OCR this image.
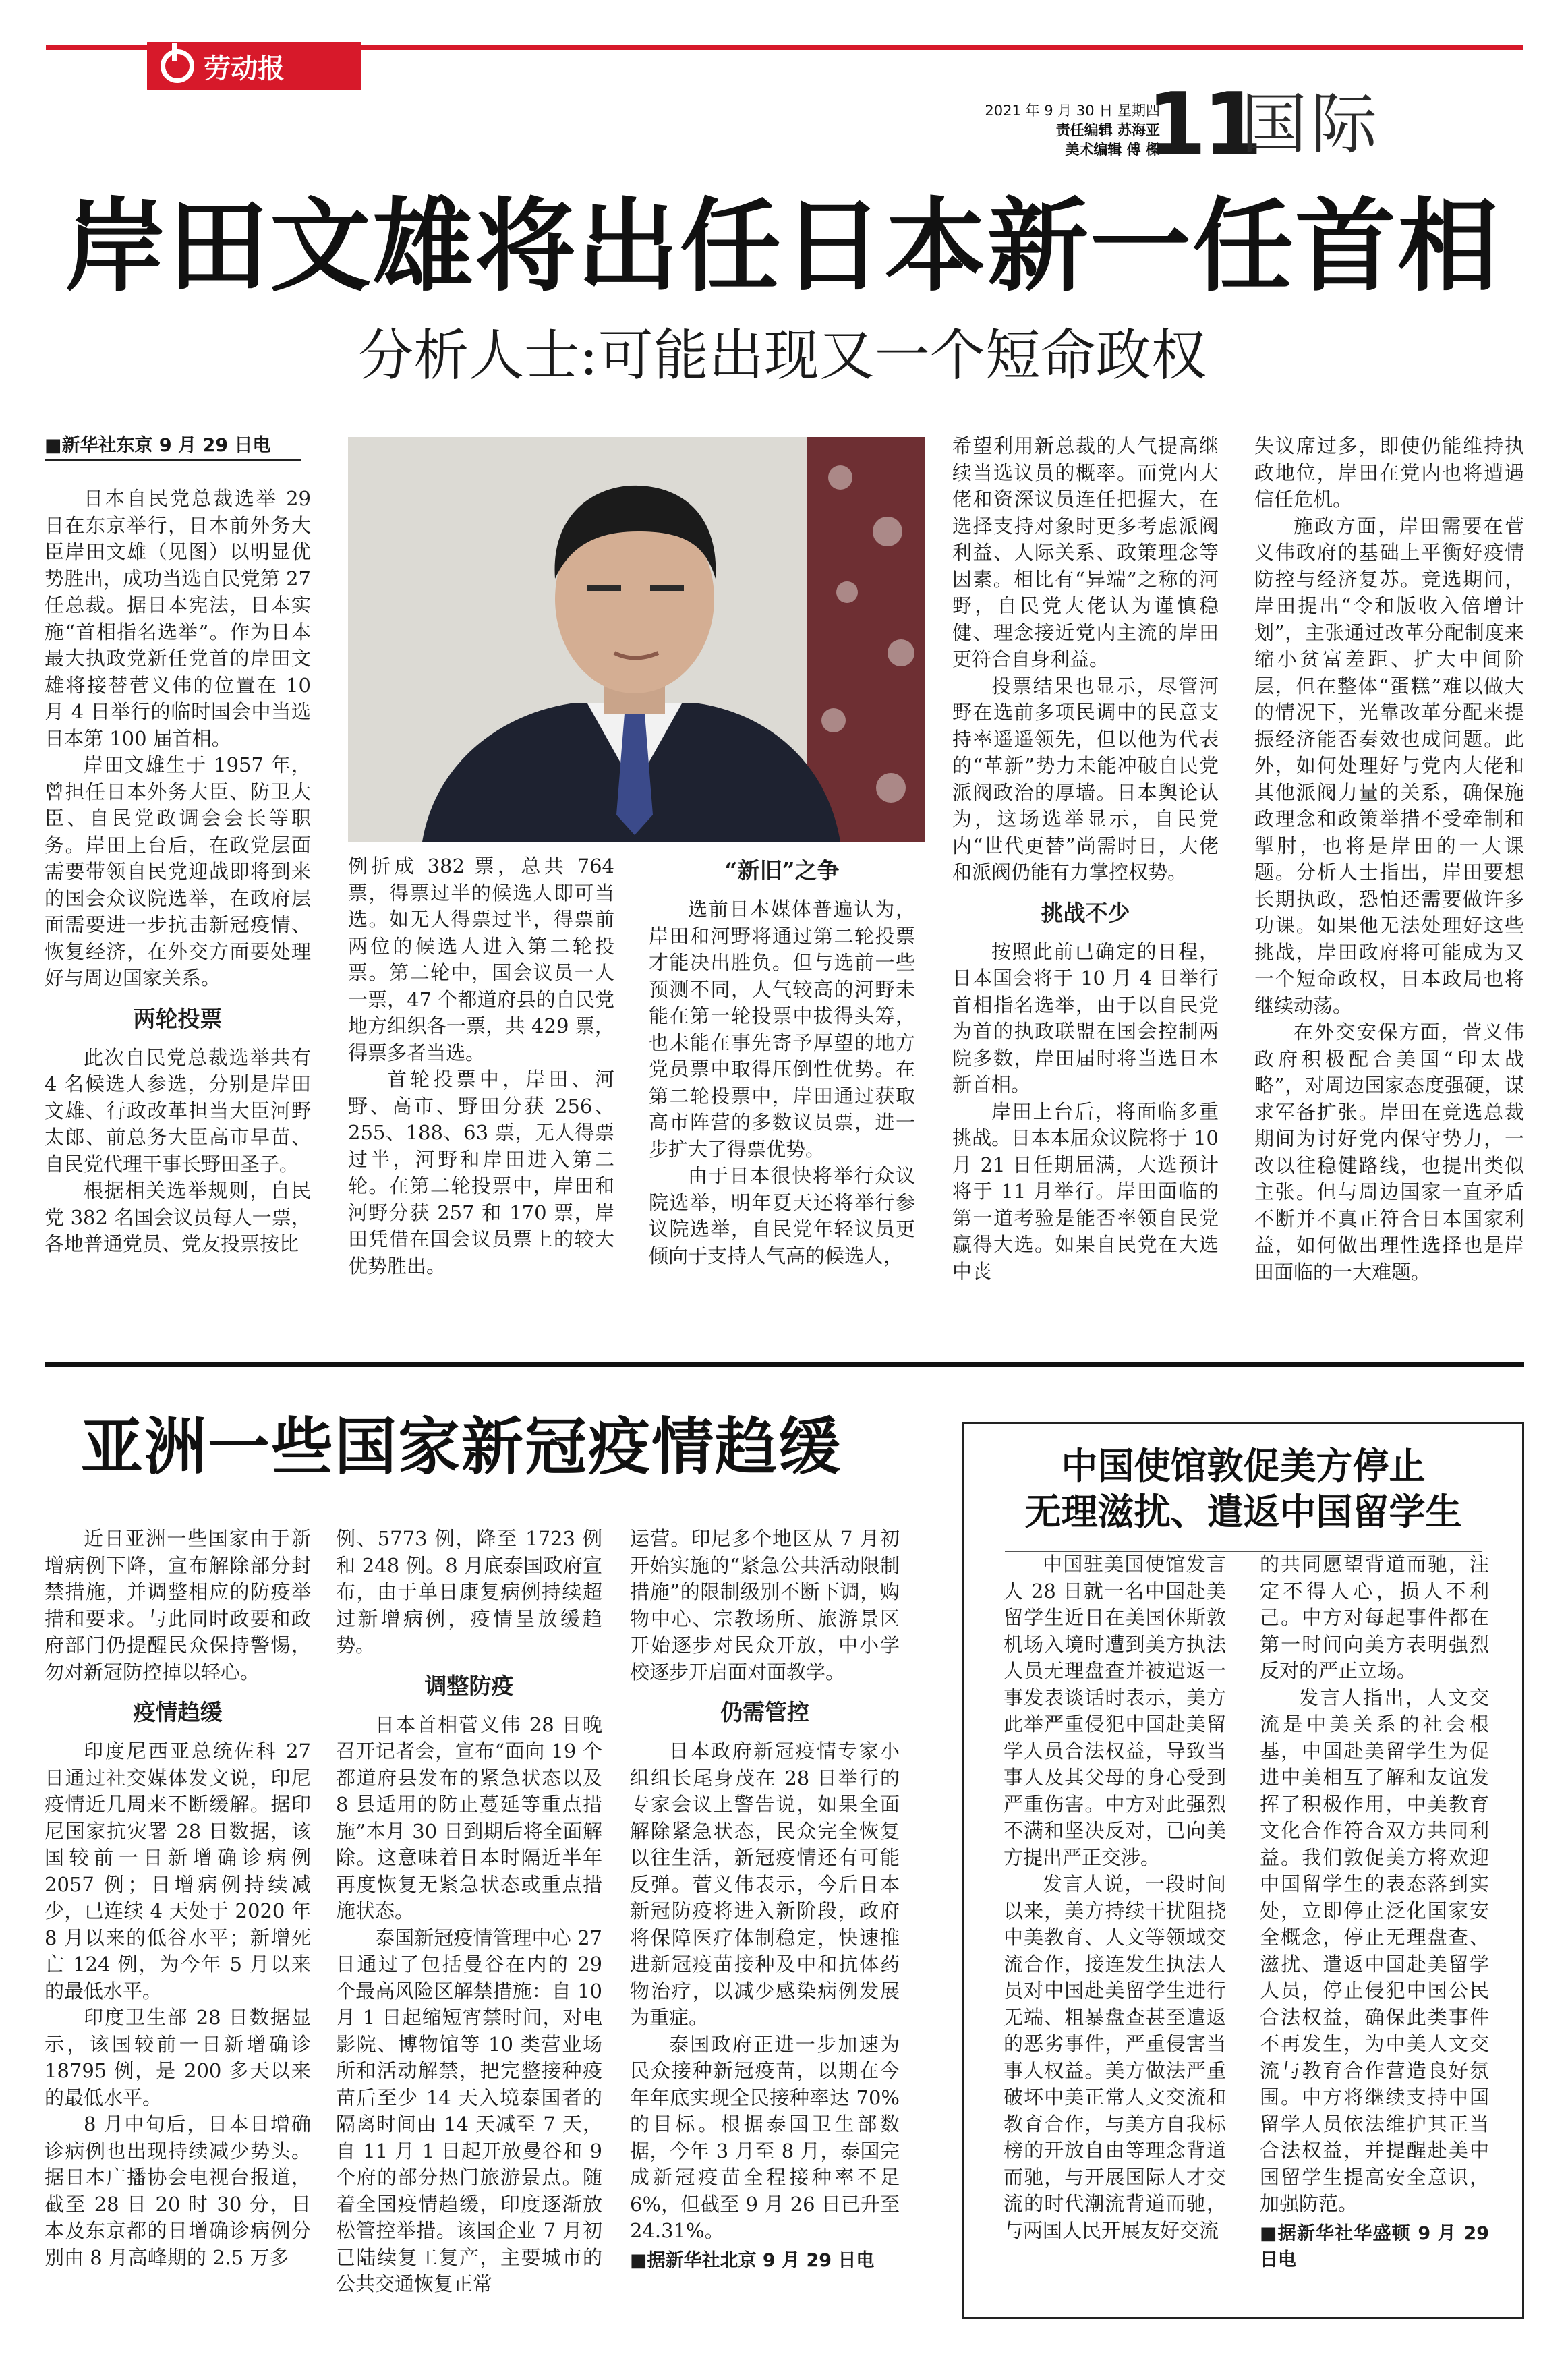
劳动报
2021 年 9 月 30 日 星期四
责任编辑 苏海亚
美术编辑 傅 樑
11
国际
岸田文雄将出任日本新一任首相
分析人士:可能出现又一个短命政权
■新华社东京 9 月 29 日电

日本自民党总裁选举 29 日在东京举行，日本前外务大臣岸田文雄（见图）以明显优势胜出，成功当选自民党第 27 任总裁。据日本宪法，日本实施“首相指名选举”。作为日本最大执政党新任党首的岸田文雄将接替菅义伟的位置在 10 月 4 日举行的临时国会中当选日本第 100 届首相。

岸田文雄生于 1957 年，曾担任日本外务大臣、防卫大臣、自民党政调会会长等职务。岸田上台后，在政党层面需要带领自民党迎战即将到来的国会众议院选举，在政府层面需要进一步抗击新冠疫情、恢复经济，在外交方面要处理好与周边国家关系。

两轮投票

此次自民党总裁选举共有 4 名候选人参选，分别是岸田文雄、行政改革担当大臣河野太郎、前总务大臣高市早苗、自民党代理干事长野田圣子。

根据相关选举规则，自民党 382 名国会议员每人一票，各地普通党员、党友投票按比

例折成 382 票，总共 764 票，得票过半的候选人即可当选。如无人得票过半，得票前两位的候选人进入第二轮投票。第二轮中，国会议员一人一票，47 个都道府县的自民党地方组织各一票，共 429 票，得票多者当选。

首轮投票中，岸田、河野、高市、野田分获 256、255、188、63 票，无人得票过半，河野和岸田进入第二轮。在第二轮投票中，岸田和河野分获 257 和 170 票，岸田凭借在国会议员票上的较大优势胜出。

“新旧”之争

选前日本媒体普遍认为，岸田和河野将通过第二轮投票才能决出胜负。但与选前一些预测不同，人气较高的河野未能在第一轮投票中拔得头筹，也未能在事先寄予厚望的地方党员票中取得压倒性优势。在第二轮投票中，岸田通过获取高市阵营的多数议员票，进一步扩大了得票优势。

由于日本很快将举行众议院选举，明年夏天还将举行参议院选举，自民党年轻议员更倾向于支持人气高的候选人，

希望利用新总裁的人气提高继续当选议员的概率。而党内大佬和资深议员连任把握大，在选择支持对象时更多考虑派阀利益、人际关系、政策理念等因素。相比有“异端”之称的河野，自民党大佬认为谨慎稳健、理念接近党内主流的岸田更符合自身利益。

投票结果也显示，尽管河野在选前多项民调中的民意支持率遥遥领先，但以他为代表的“革新”势力未能冲破自民党派阀政治的厚墙。日本舆论认为，这场选举显示，自民党内“世代更替”尚需时日，大佬和派阀仍能有力掌控权势。

挑战不少

按照此前已确定的日程，日本国会将于 10 月 4 日举行首相指名选举，由于以自民党为首的执政联盟在国会控制两院多数，岸田届时将当选日本新首相。

岸田上台后，将面临多重挑战。日本本届众议院将于 10 月 21 日任期届满，大选预计将于 11 月举行。岸田面临的第一道考验是能否率领自民党赢得大选。如果自民党在大选中丧

失议席过多，即使仍能维持执政地位，岸田在党内也将遭遇信任危机。

施政方面，岸田需要在菅义伟政府的基础上平衡好疫情防控与经济复苏。竞选期间，岸田提出“令和版收入倍增计划”，主张通过改革分配制度来缩小贫富差距、扩大中间阶层，但在整体“蛋糕”难以做大的情况下，光靠改革分配来提振经济能否奏效也成问题。此外，如何处理好与党内大佬和其他派阀力量的关系，确保施政理念和政策举措不受牵制和掣肘，也将是岸田的一大课题。分析人士指出，岸田要想长期执政，恐怕还需要做许多功课。如果他无法处理好这些挑战，岸田政府将可能成为又一个短命政权，日本政局也将继续动荡。

在外交安保方面，菅义伟政府积极配合美国“印太战略”，对周边国家态度强硬，谋求军备扩张。岸田在竞选总裁期间为讨好党内保守势力，一改以往稳健路线，也提出类似主张。但与周边国家一直矛盾不断并不真正符合日本国家利益，如何做出理性选择也是岸田面临的一大难题。

亚洲一些国家新冠疫情趋缓

近日亚洲一些国家由于新增病例下降，宣布解除部分封禁措施，并调整相应的防疫举措和要求。与此同时政要和政府部门仍提醒民众保持警惕，勿对新冠防控掉以轻心。

疫情趋缓

印度尼西亚总统佐科 27 日通过社交媒体发文说，印尼疫情近几周来不断缓解。据印尼国家抗灾署 28 日数据，该国较前一日新增确诊病例 2057 例；日增病例持续减少，已连续 4 天处于 2020 年 8 月以来的低谷水平；新增死亡 124 例，为今年 5 月以来的最低水平。

印度卫生部 28 日数据显示，该国较前一日新增确诊 18795 例，是 200 多天以来的最低水平。

8 月中旬后，日本日增确诊病例也出现持续减少势头。据日本广播协会电视台报道，截至 28 日 20 时 30 分，日本及东京都的日增确诊病例分别由 8 月高峰期的 2.5 万多

例、5773 例，降至 1723 例和 248 例。8 月底泰国政府宣布，由于单日康复病例持续超过新增病例，疫情呈放缓趋势。

调整防疫

日本首相菅义伟 28 日晚召开记者会，宣布“面向 19 个都道府县发布的紧急状态以及 8 县适用的防止蔓延等重点措施”本月 30 日到期后将全面解除。这意味着日本时隔近半年再度恢复无紧急状态或重点措施状态。

泰国新冠疫情管理中心 27 日通过了包括曼谷在内的 29 个最高风险区解禁措施：自 10 月 1 日起缩短宵禁时间，对电影院、博物馆等 10 类营业场所和活动解禁，把完整接种疫苗后至少 14 天入境泰国者的隔离时间由 14 天减至 7 天，自 11 月 1 日起开放曼谷和 9 个府的部分热门旅游景点。随着全国疫情趋缓，印度逐渐放松管控举措。该国企业 7 月初已陆续复工复产，主要城市的公共交通恢复正常

运营。印尼多个地区从 7 月初开始实施的“紧急公共活动限制措施”的限制级别不断下调，购物中心、宗教场所、旅游景区开始逐步对民众开放，中小学校逐步开启面对面教学。

仍需管控

日本政府新冠疫情专家小组组长尾身茂在 28 日举行的专家会议上警告说，如果全面解除紧急状态，民众完全恢复以往生活，新冠疫情还有可能反弹。菅义伟表示，今后日本新冠防疫将进入新阶段，政府将保障医疗体制稳定，快速推进新冠疫苗接种及中和抗体药物治疗，以减少感染病例发展为重症。

泰国政府正进一步加速为民众接种新冠疫苗，以期在今年年底实现全民接种率达 70% 的目标。根据泰国卫生部数据，今年 3 月至 8 月，泰国完成新冠疫苗全程接种率不足 6%，但截至 9 月 26 日已升至 24.31%。

■据新华社北京 9 月 29 日电

中国使馆敦促美方停止
无理滋扰、遣返中国留学生

中国驻美国使馆发言人 28 日就一名中国赴美留学生近日在美国休斯敦机场入境时遭到美方执法人员无理盘查并被遣返一事发表谈话时表示，美方此举严重侵犯中国赴美留学人员合法权益，导致当事人及其父母的身心受到严重伤害。中方对此强烈不满和坚决反对，已向美方提出严正交涉。

发言人说，一段时间以来，美方持续干扰阻挠中美教育、人文等领域交流合作，接连发生执法人员对中国赴美留学生进行无端、粗暴盘查甚至遣返的恶劣事件，严重侵害当事人权益。美方做法严重破坏中美正常人文交流和教育合作，与美方自我标榜的开放自由等理念背道而驰，与开展国际人才交流的时代潮流背道而驰，与两国人民开展友好交流

的共同愿望背道而驰，注定不得人心，损人不利己。中方对每起事件都在第一时间向美方表明强烈反对的严正立场。

发言人指出，人文交流是中美关系的社会根基，中国赴美留学生为促进中美相互了解和友谊发挥了积极作用，中美教育文化合作符合双方共同利益。我们敦促美方将欢迎中国留学生的表态落到实处，立即停止泛化国家安全概念，停止无理盘查、滋扰、遣返中国赴美留学人员，停止侵犯中国公民合法权益，确保此类事件不再发生，为中美人文交流与教育合作营造良好氛围。中方将继续支持中国留学人员依法维护其正当合法权益，并提醒赴美中国留学生提高安全意识，加强防范。

■据新华社华盛顿 9 月 29 日电
